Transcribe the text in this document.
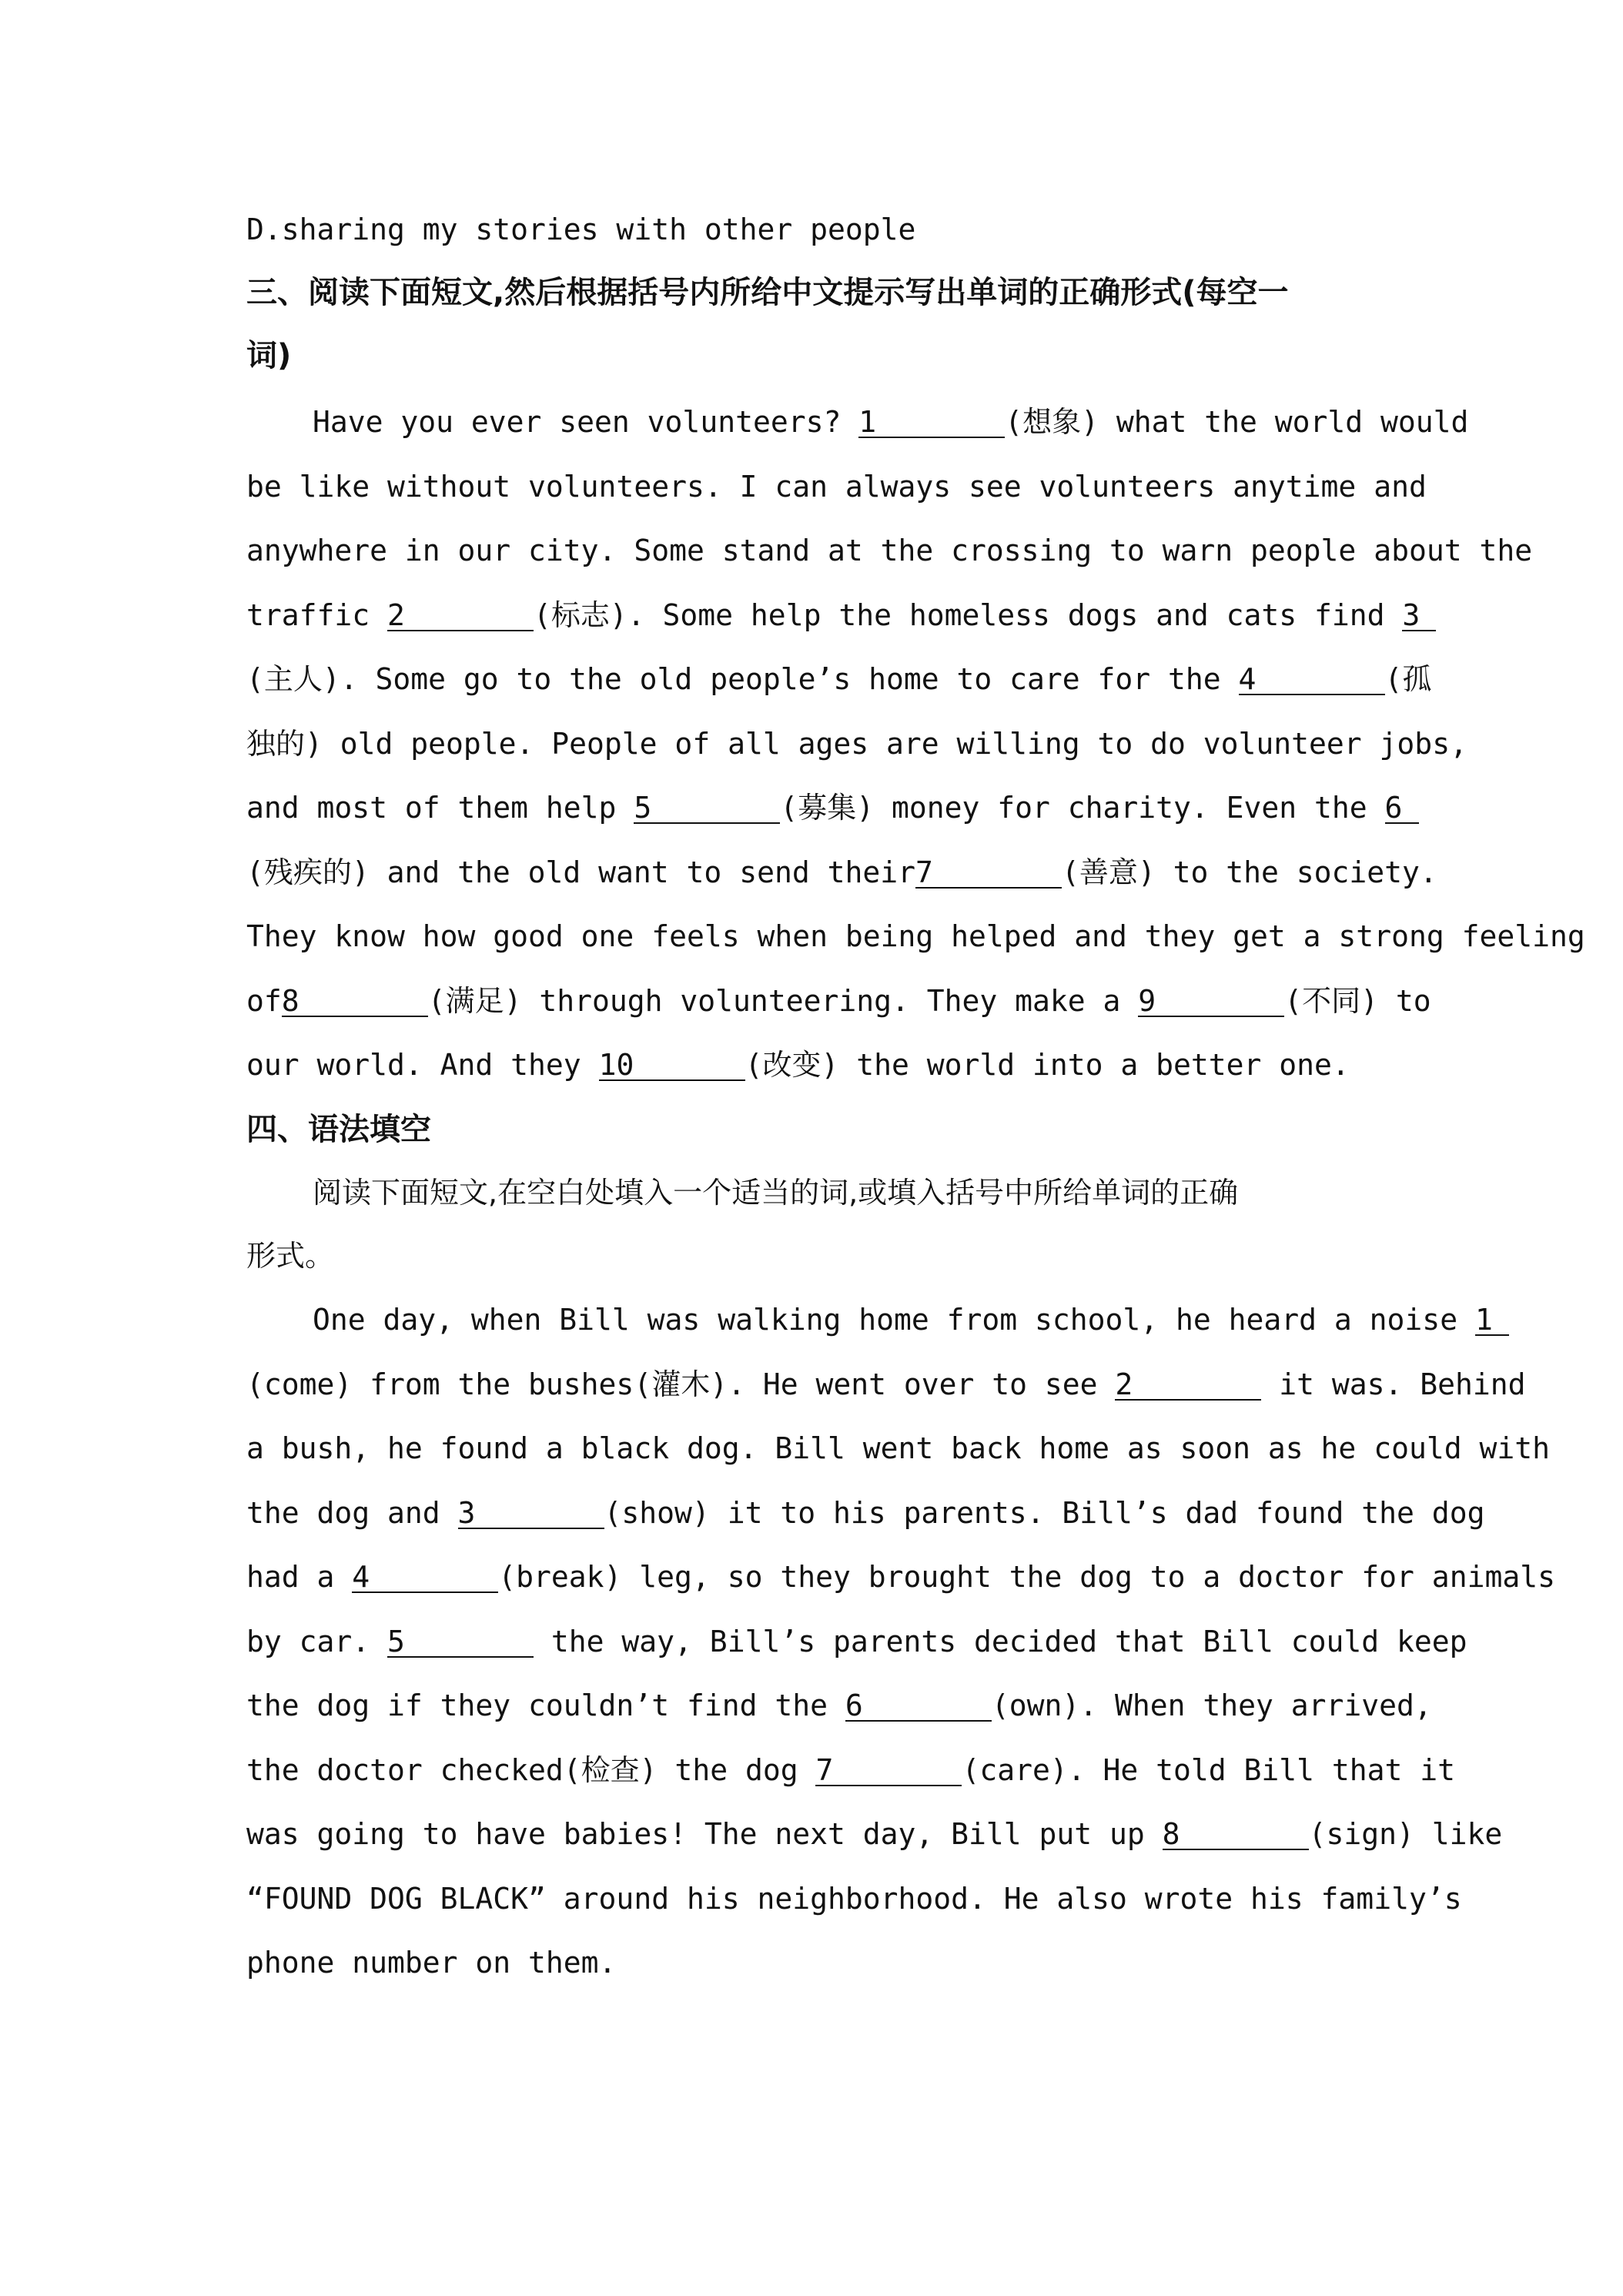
D.sharing my stories with other people
三、阅读下面短文,然后根据括号内所给中文提示写出单词的正确形式(每空一
词)
Have you ever seen volunteers? 1	(想象) what the world would
be like without volunteers. I can always see volunteers anytime and
anywhere in our city. Some stand at the crossing to warn people about the
traffic 2	(标志). Some help the homeless dogs and cats find 3
(主人). Some go to the old people’s home to care for the 4	(孤
独的) old people. People of all ages are willing to do volunteer jobs,
and most of them help 5	(募集) money for charity. Even the 6
(残疾的) and the old want to send their7	(善意) to the society.
They know how good one feels when being helped and they get a strong feeling
of8	(满足) through volunteering. They make a 9	(不同) to
our world. And they 10	(改变) the world into a better one.
四、语法填空
阅读下面短文,在空白处填入一个适当的词,或填入括号中所给单词的正确
形式。
One day, when Bill was walking home from school, he heard a noise 1
(come) from the bushes(灌木). He went over to see 2	it was. Behind
a bush, he found a black dog. Bill went back home as soon as he could with
the dog and 3	(show) it to his parents. Bill’s dad found the dog
had a 4	(break) leg, so they brought the dog to a doctor for animals
by car. 5	the way, Bill’s parents decided that Bill could keep
the dog if they couldn’t find the 6	(own). When they arrived,
the doctor checked(检查) the dog 7	(care). He told Bill that it
was going to have babies! The next day, Bill put up 8	(sign) like
“FOUND DOG BLACK” around his neighborhood. He also wrote his family’s
phone number on them.
